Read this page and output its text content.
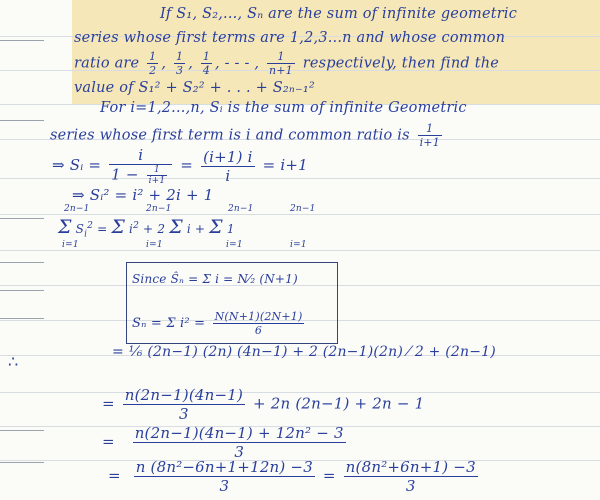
If S₁, S₂,..., Sₙ are the sum of infinite geometric
series whose first terms are 1,2,3...n and whose common
ratio are $\frac{1}{2}$ , $\frac{1}{3}$ , $\frac{1}{4}$ , - - - , $\frac{1}{n+1}$ respectively, then find the
value of S₁² + S₂² + . . . + S₂ₙ₋₁²
For i=1,2...,n, Sᵢ is the sum of infinite Geometric
series whose first term is i and common ratio is $\frac{1}{i+1}$
⇒ Sᵢ = $\frac{i}{1 - \frac{1}{i+1}} = \frac{(i+1) i}{i} = i+1$
⇒ Sᵢ² = i² + 2i + 1
2n−1
Σ $S_i^2$ =
2n−1
Σ $i^2 + 2$
2n−1
Σ i +
2n−1
Σ 1
i=1	i=1	i=1	i=1
Since Ŝₙ = Σ i = N⁄₂ (N+1)
Sₙ = Σ $i^2 = \frac{N(N+1)(2N+1)}{6}$
∴	= ¹⁄₆ (2n−1) (2n) (4n−1) + 2 (2n−1)(2n) ⁄ 2 + (2n−1)
= $\frac{n(2n-1)(4n-1)}{3} + 2n$ (2n−1) + 2n − 1
= $\frac{\text{n(2n−1)(4n−1) + 12n² − 3}}{3}$
= $\frac{\text{n (8n²−6n+1+12n) −3}}{3} = \frac{\text{n(8n²+6n+1) −3}}{3}$
